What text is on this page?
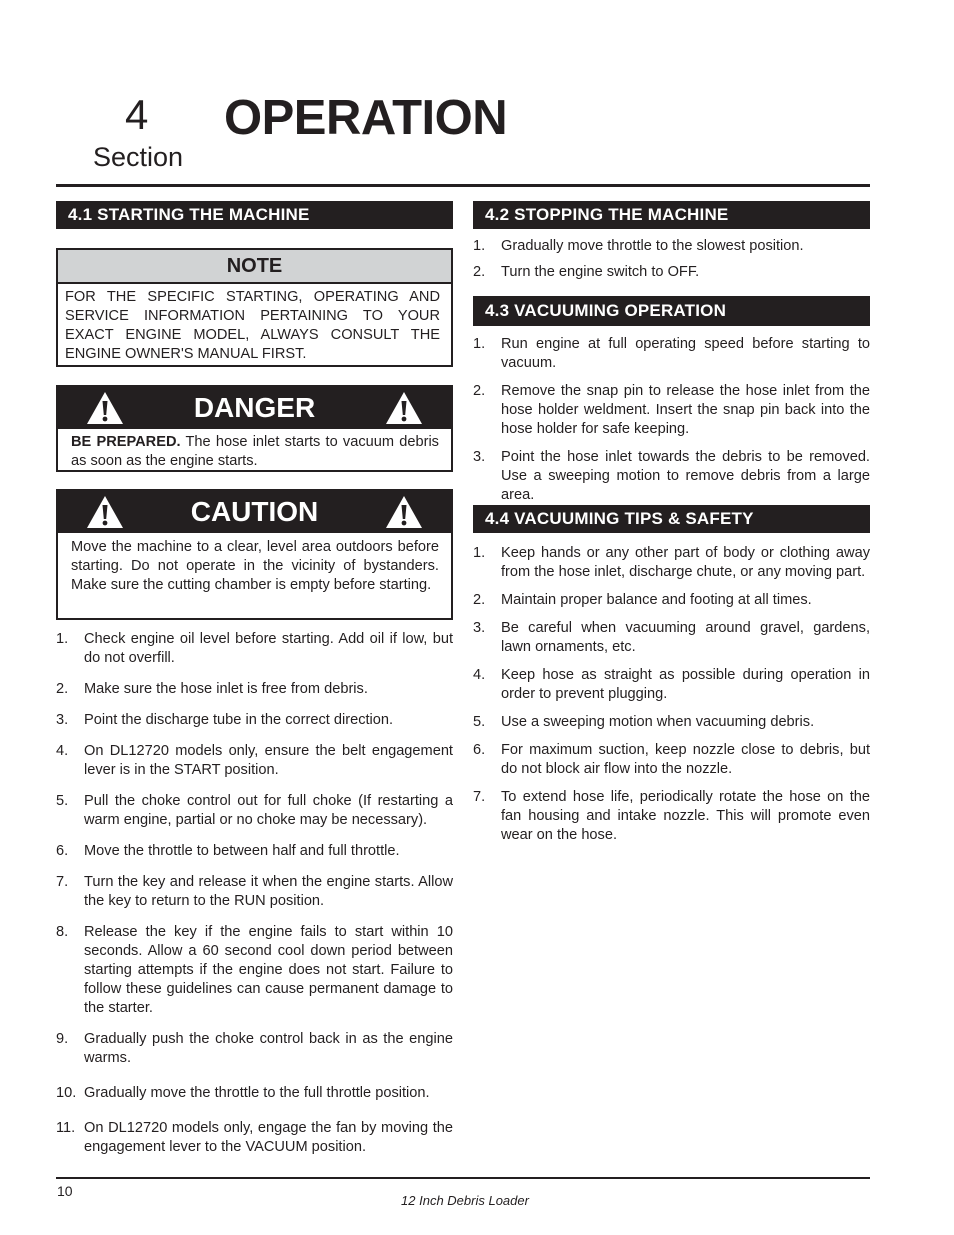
4
Section
OPERATION
4.1 STARTING THE MACHINE
NOTE
FOR THE SPECIFIC STARTING, OPERATING AND SERVICE INFORMATION PERTAINING TO YOUR EXACT ENGINE MODEL, ALWAYS CONSULT THE ENGINE OWNER'S MANUAL FIRST.
DANGER
BE PREPARED. The hose inlet starts to vacuum debris as soon as the engine starts.
CAUTION
Move the machine to a clear, level area outdoors before starting. Do not operate in the vicinity of bystanders. Make sure the cutting chamber is empty before starting.
1. Check engine oil level before starting. Add oil if low, but do not overfill.
2. Make sure the hose inlet is free from debris.
3. Point the discharge tube in the correct direction.
4. On DL12720 models only, ensure the belt engagement lever is in the START position.
5. Pull the choke control out for full choke (If restarting a warm engine, partial or no choke may be necessary).
6. Move the throttle to between half and full throttle.
7. Turn the key and release it when the engine starts. Allow the key to return to the RUN position.
8. Release the key if the engine fails to start within 10 seconds. Allow a 60 second cool down period between starting attempts if the engine does not start. Failure to follow these guidelines can cause permanent damage to the starter.
9. Gradually push the choke control back in as the engine warms.
10. Gradually move the throttle to the full throttle position.
11. On DL12720 models only, engage the fan by moving the engagement lever to the VACUUM position.
4.2 STOPPING THE MACHINE
1. Gradually move throttle to the slowest position.
2. Turn the engine switch to OFF.
4.3 VACUUMING OPERATION
1. Run engine at full operating speed before starting to vacuum.
2. Remove the snap pin to release the hose inlet from the hose holder weldment. Insert the snap pin back into the hose holder for safe keeping.
3. Point the hose inlet towards the debris to be removed. Use a sweeping motion to remove debris from a large area.
4.4 VACUUMING TIPS & SAFETY
1. Keep hands or any other part of body or clothing away from the hose inlet, discharge chute, or any moving part.
2. Maintain proper balance and footing at all times.
3. Be careful when vacuuming around gravel, gardens, lawn ornaments, etc.
4. Keep hose as straight as possible during operation in order to prevent plugging.
5. Use a sweeping motion when vacuuming debris.
6. For maximum suction, keep nozzle close to debris, but do not block air flow into the nozzle.
7. To extend hose life, periodically rotate the hose on the fan housing and intake nozzle. This will promote even wear on the hose.
10
12 Inch Debris Loader
